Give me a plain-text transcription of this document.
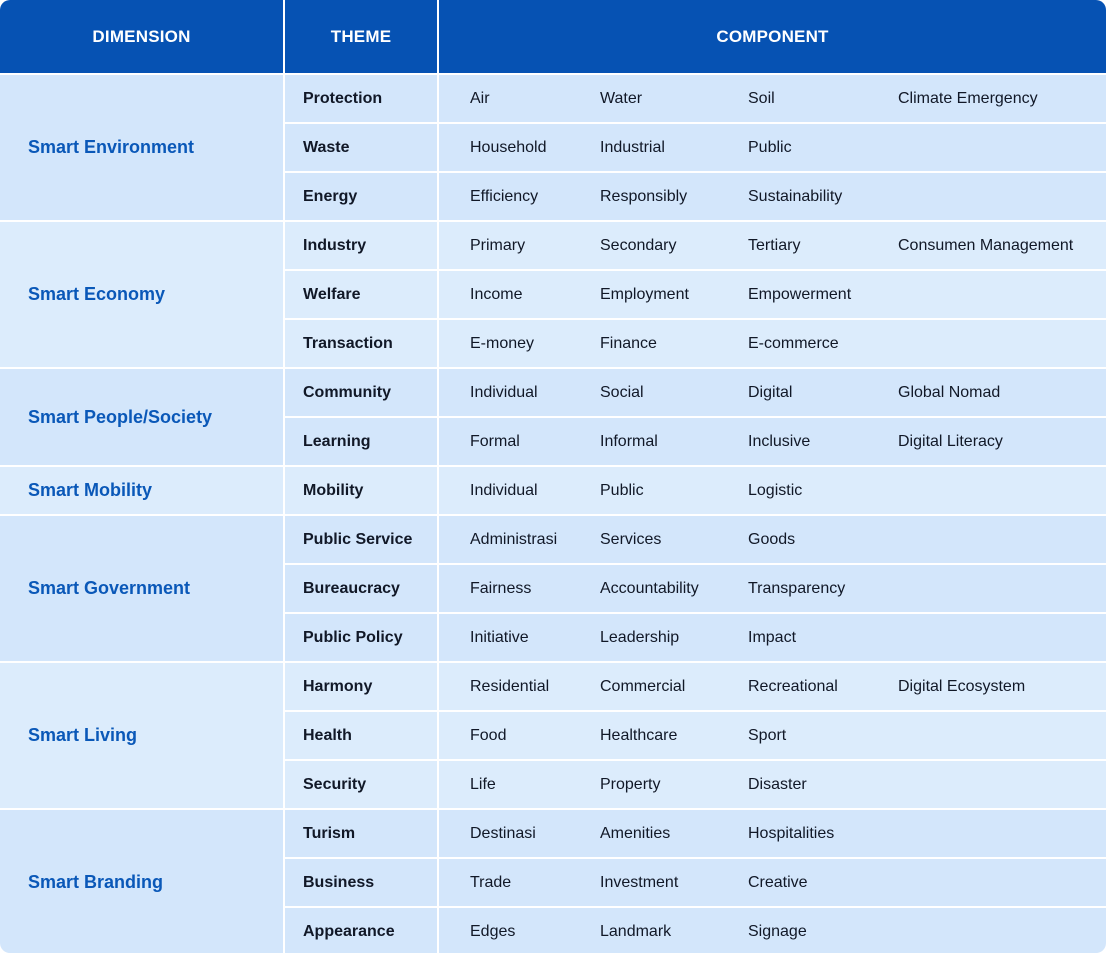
DIMENSION	THEME	COMPONENT
Smart Environment
Protection	Air	Water	Soil	Climate Emergency
Waste	Household	Industrial	Public
Energy	Efficiency	Responsibly	Sustainability
Smart Economy
Industry	Primary	Secondary	Tertiary	Consumen Management
Welfare	Income	Employment	Empowerment
Transaction	E-money	Finance	E-commerce
Smart People/Society
Community	Individual	Social	Digital	Global Nomad
Learning	Formal	Informal	Inclusive	Digital Literacy
Smart Mobility	Mobility	Individual	Public	Logistic
Smart Government
Public Service	Administrasi	Services	Goods
Bureaucracy	Fairness	Accountability	Transparency
Public Policy	Initiative	Leadership	Impact
Smart Living
Harmony	Residential	Commercial	Recreational	Digital Ecosystem
Health	Food	Healthcare	Sport
Security	Life	Property	Disaster
Smart Branding
Turism	Destinasi	Amenities	Hospitalities
Business	Trade	Investment	Creative
Appearance	Edges	Landmark	Signage
